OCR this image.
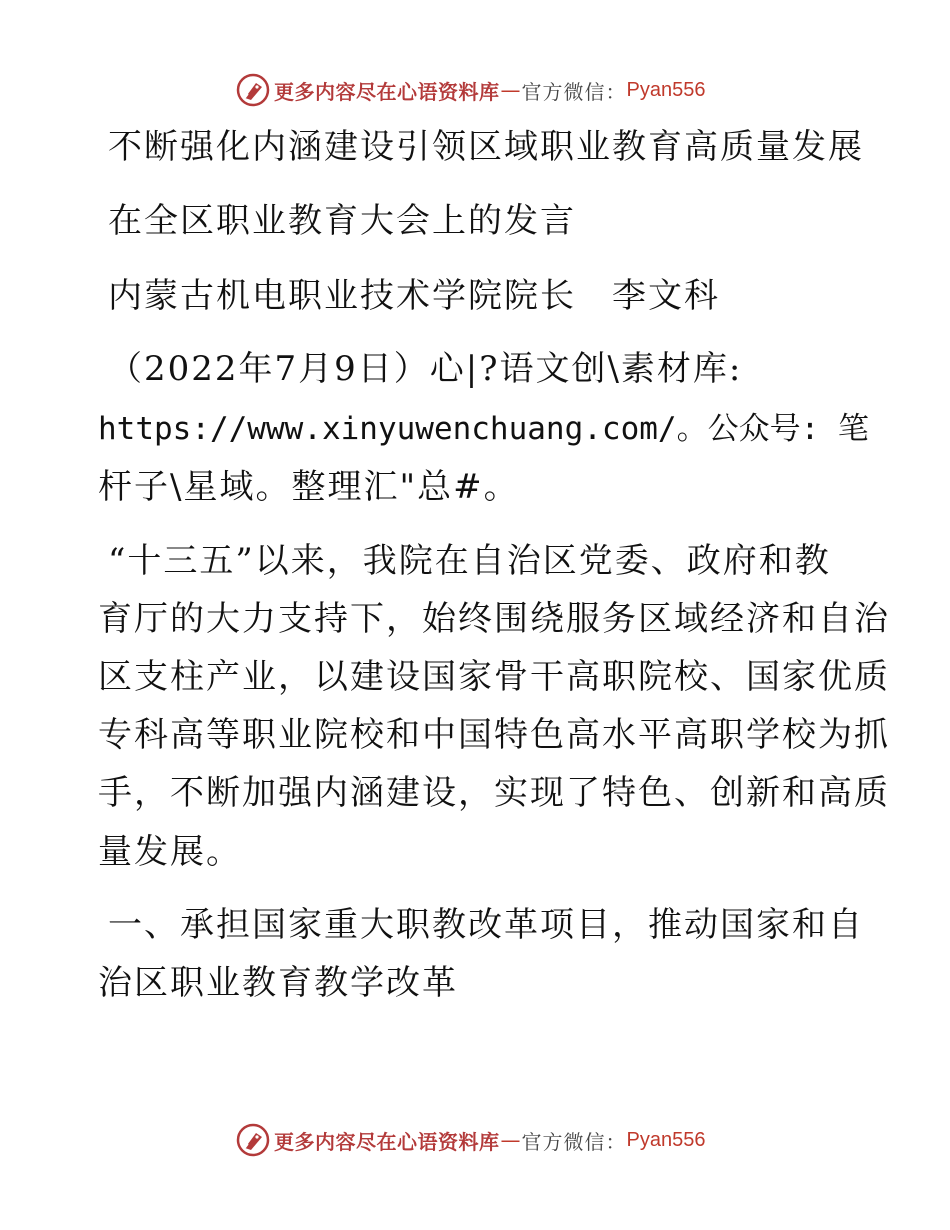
更多内容尽在心语资料库 — 官方微信： Pyan556
不断强化内涵建设引领区域职业教育高质量发展
在全区职业教育大会上的发言
内蒙古机电职业技术学院院长　李文科
（2022年7月9日）心|?语文创\素材库:
https://www.xinyuwenchuang.com/。公众号: 笔
杆子\星域。整理汇"总#。
“十三五”以来，我院在自治区党委、政府和教
育厅的大力支持下，始终围绕服务区域经济和自治
区支柱产业，以建设国家骨干高职院校、国家优质
专科高等职业院校和中国特色高水平高职学校为抓
手，不断加强内涵建设，实现了特色、创新和高质
量发展。
一、承担国家重大职教改革项目，推动国家和自
治区职业教育教学改革
更多内容尽在心语资料库 — 官方微信： Pyan556
